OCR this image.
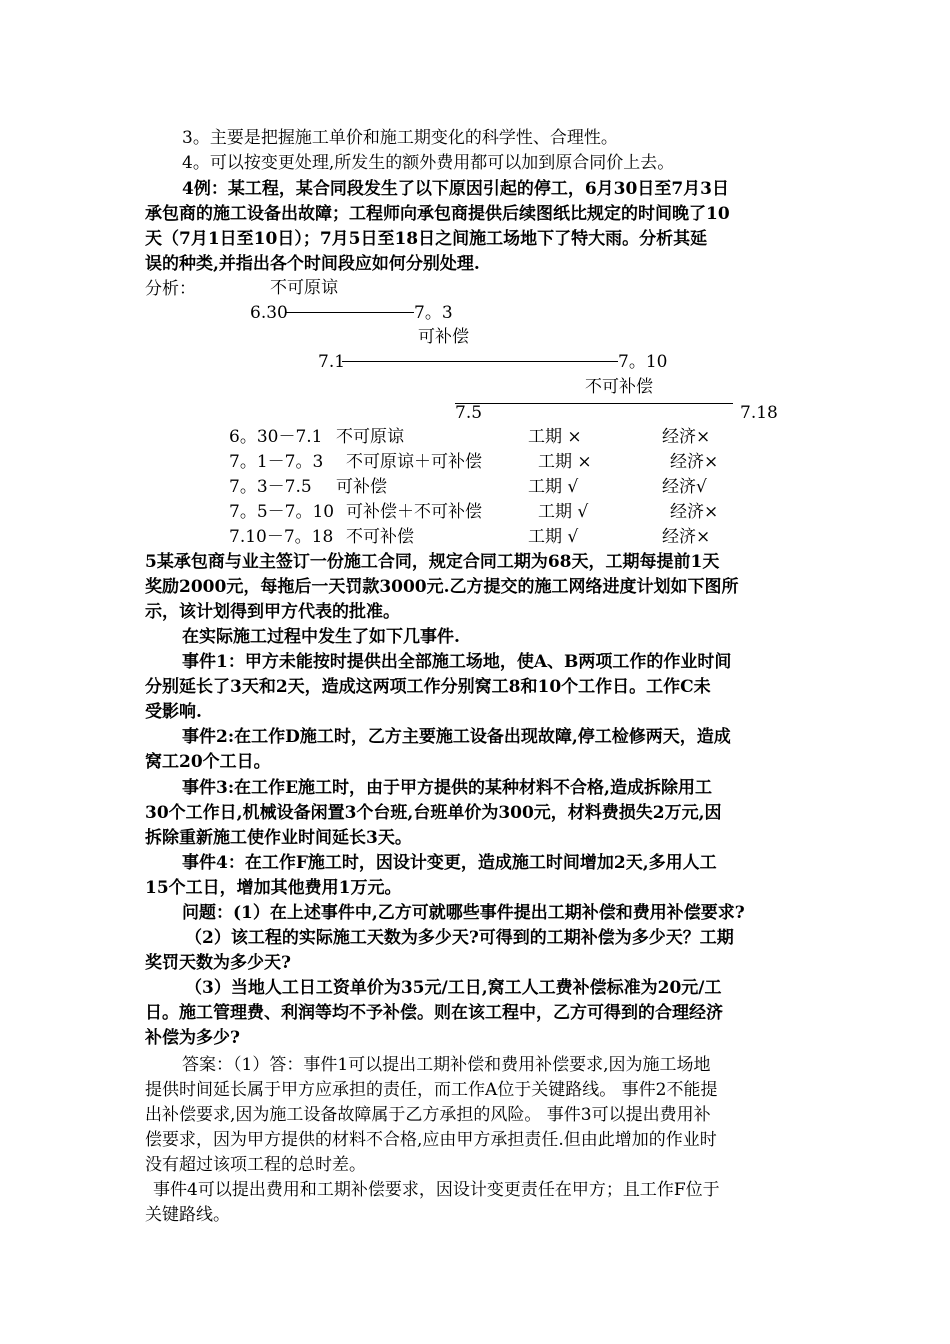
3。主要是把握施工单价和施工期变化的科学性、合理性。
4。可以按变更处理,所发生的额外费用都可以加到原合同价上去。
4例：某工程，某合同段发生了以下原因引起的停工，6月30日至7月3日
承包商的施工设备出故障；工程师向承包商提供后续图纸比规定的时间晚了10
天（7月1日至10日）；7月5日至18日之间施工场地下了特大雨。分析其延
误的种类,并指出各个时间段应如何分别处理.
分析：	不可原谅
6.30	7。3
可补偿
7.1	7。10
不可补偿
7.5	7.18
6。30－7.1 不可原谅	工期 ×	经济×
7。1－7。3 不可原谅＋可补偿	工期 ×	经济×
7。3－7.5 可补偿	工期 √	经济√
7。5－7。10 可补偿＋不可补偿	工期 √	经济×
7.10－7。18 不可补偿	工期 √	经济×
5某承包商与业主签订一份施工合同，规定合同工期为68天，工期每提前1天
奖励2000元，每拖后一天罚款3000元.乙方提交的施工网络进度计划如下图所
示，该计划得到甲方代表的批准。
在实际施工过程中发生了如下几事件.
事件1：甲方未能按时提供出全部施工场地，使A、B两项工作的作业时间
分别延长了3天和2天，造成这两项工作分别窝工8和10个工作日。工作C未
受影响.
事件2:在工作D施工时，乙方主要施工设备出现故障,停工检修两天，造成
窝工20个工日。
事件3:在工作E施工时，由于甲方提供的某种材料不合格,造成拆除用工
30个工作日,机械设备闲置3个台班,台班单价为300元，材料费损失2万元,因
拆除重新施工使作业时间延长3天。
事件4：在工作F施工时，因设计变更，造成施工时间增加2天,多用人工
15个工日，增加其他费用1万元。
问题：(1）在上述事件中,乙方可就哪些事件提出工期补偿和费用补偿要求?
（2）该工程的实际施工天数为多少天?可得到的工期补偿为多少天？工期
奖罚天数为多少天?
（3）当地人工日工资单价为35元/工日,窝工人工费补偿标准为20元/工
日。施工管理费、利润等均不予补偿。则在该工程中，乙方可得到的合理经济
补偿为多少?
答案：（1）答：事件1可以提出工期补偿和费用补偿要求,因为施工场地
提供时间延长属于甲方应承担的责任，而工作A位于关键路线。 事件2不能提
出补偿要求,因为施工设备故障属于乙方承担的风险。 事件3可以提出费用补
偿要求，因为甲方提供的材料不合格,应由甲方承担责任.但由此增加的作业时
没有超过该项工程的总时差。
事件4可以提出费用和工期补偿要求，因设计变更责任在甲方；且工作F位于
关键路线。
